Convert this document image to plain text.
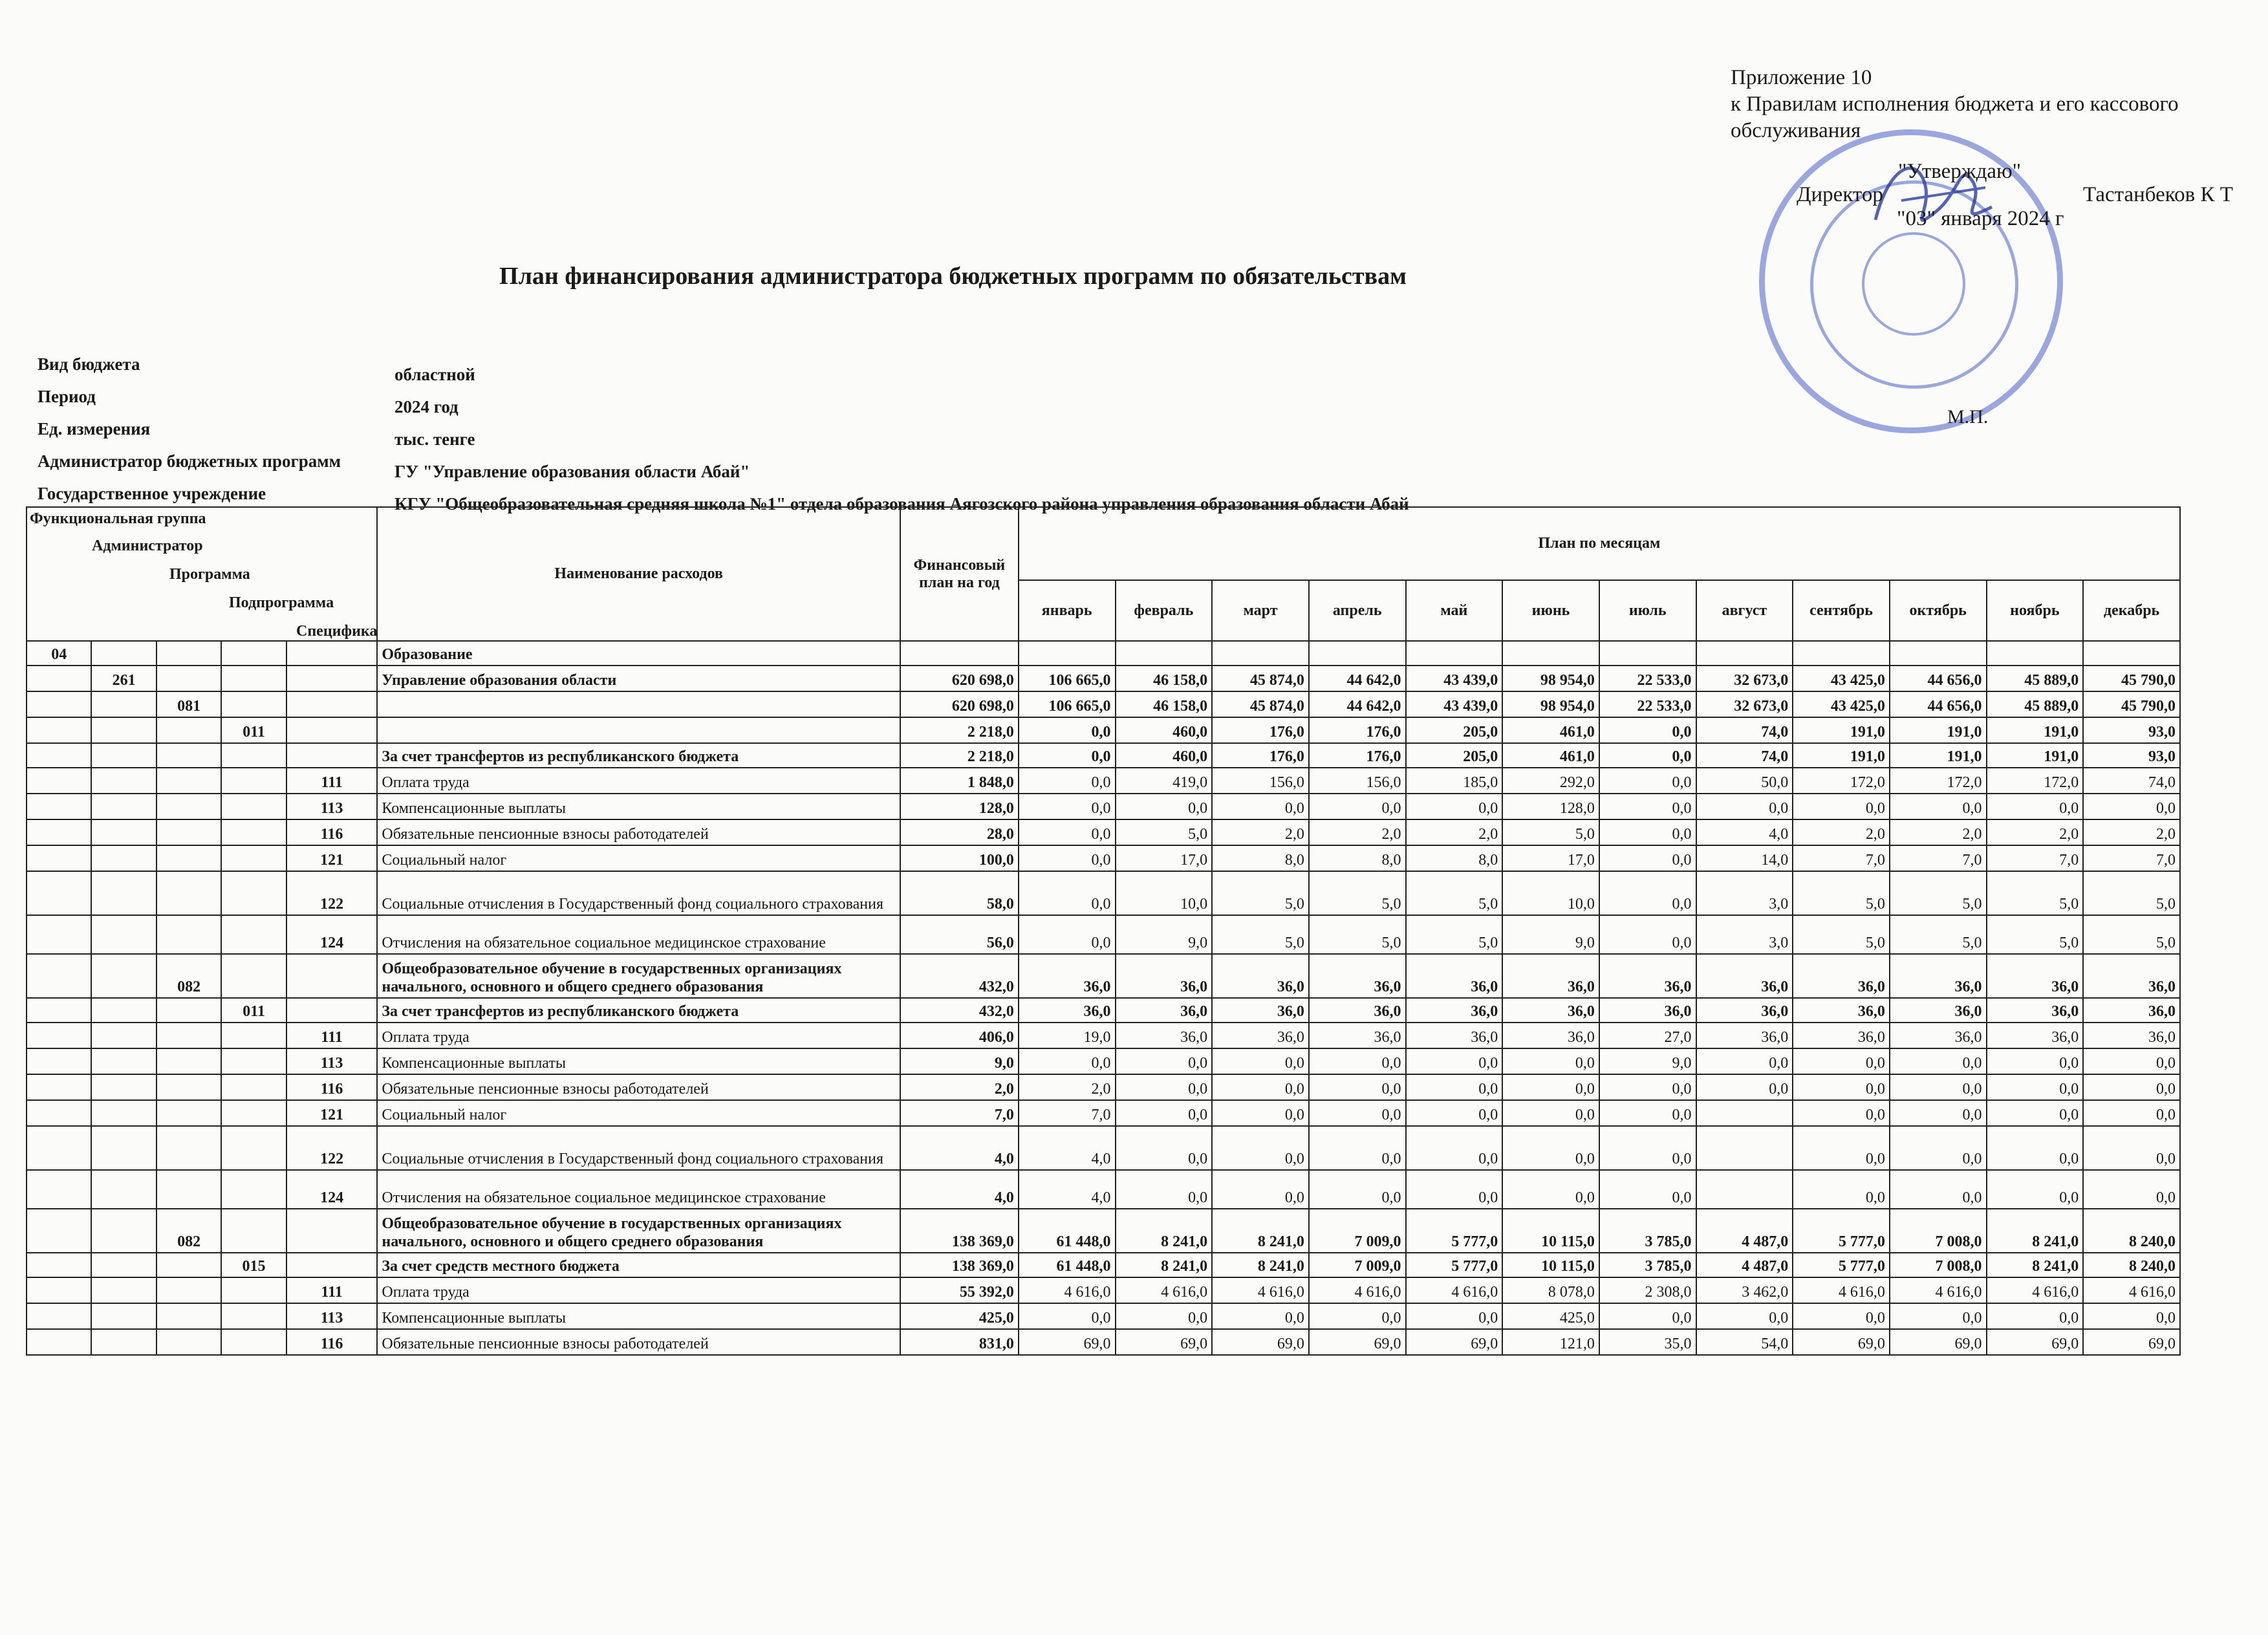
Приложение 10
к Правилам исполнения бюджета и его кассового
обслуживания
"Утверждаю"
Директор	Тастанбеков К Т
"03" января 2024 г
М.П.
План финансирования администратора бюджетных программ по обязательствам
Вид бюджета
областной
Период
2024 год
Ед. измерения
тыс. тенге
Администратор бюджетных программ
ГУ "Управление образования области Абай"
Государственное учреждение
КГУ "Общеобразовательная средняя школа №1" отдела образования Аягозского района управления образования области Абай
Функциональная группа
Администратор
Программа
Подпрограмма
Специфика					Наименование расходов	Финансовый план на год	План по месяцам											

							январь	февраль	март	апрель	май	июнь	июль	август	сентябрь	октябрь	ноябрь	декабрь
04					Образование													
	261				Управление образования области	620 698,0	106 665,0	46 158,0	45 874,0	44 642,0	43 439,0	98 954,0	22 533,0	32 673,0	43 425,0	44 656,0	45 889,0	45 790,0
		081				620 698,0	106 665,0	46 158,0	45 874,0	44 642,0	43 439,0	98 954,0	22 533,0	32 673,0	43 425,0	44 656,0	45 889,0	45 790,0
			011			2 218,0	0,0	460,0	176,0	176,0	205,0	461,0	0,0	74,0	191,0	191,0	191,0	93,0
					За счет трансфертов из республиканского бюджета	2 218,0	0,0	460,0	176,0	176,0	205,0	461,0	0,0	74,0	191,0	191,0	191,0	93,0
				111	Оплата труда	1 848,0	0,0	419,0	156,0	156,0	185,0	292,0	0,0	50,0	172,0	172,0	172,0	74,0
				113	Компенсационные выплаты	128,0	0,0	0,0	0,0	0,0	0,0	128,0	0,0	0,0	0,0	0,0	0,0	0,0
				116	Обязательные пенсионные взносы работодателей	28,0	0,0	5,0	2,0	2,0	2,0	5,0	0,0	4,0	2,0	2,0	2,0	2,0
				121	Социальный налог	100,0	0,0	17,0	8,0	8,0	8,0	17,0	0,0	14,0	7,0	7,0	7,0	7,0
				122	Социальные отчисления в Государственный фонд социального страхования	58,0	0,0	10,0	5,0	5,0	5,0	10,0	0,0	3,0	5,0	5,0	5,0	5,0
				124	Отчисления на обязательное социальное медицинское страхование	56,0	0,0	9,0	5,0	5,0	5,0	9,0	0,0	3,0	5,0	5,0	5,0	5,0
		082			Общеобразовательное обучение в государственных организациях начального, основного и общего среднего образования	432,0	36,0	36,0	36,0	36,0	36,0	36,0	36,0	36,0	36,0	36,0	36,0	36,0
			011		За счет трансфертов из республиканского бюджета	432,0	36,0	36,0	36,0	36,0	36,0	36,0	36,0	36,0	36,0	36,0	36,0	36,0
				111	Оплата труда	406,0	19,0	36,0	36,0	36,0	36,0	36,0	27,0	36,0	36,0	36,0	36,0	36,0
				113	Компенсационные выплаты	9,0	0,0	0,0	0,0	0,0	0,0	0,0	9,0	0,0	0,0	0,0	0,0	0,0
				116	Обязательные пенсионные взносы работодателей	2,0	2,0	0,0	0,0	0,0	0,0	0,0	0,0	0,0	0,0	0,0	0,0	0,0
				121	Социальный налог	7,0	7,0	0,0	0,0	0,0	0,0	0,0	0,0		0,0	0,0	0,0	0,0
				122	Социальные отчисления в Государственный фонд социального страхования	4,0	4,0	0,0	0,0	0,0	0,0	0,0	0,0		0,0	0,0	0,0	0,0
				124	Отчисления на обязательное социальное медицинское страхование	4,0	4,0	0,0	0,0	0,0	0,0	0,0	0,0		0,0	0,0	0,0	0,0
		082			Общеобразовательное обучение в государственных организациях начального, основного и общего среднего образования	138 369,0	61 448,0	8 241,0	8 241,0	7 009,0	5 777,0	10 115,0	3 785,0	4 487,0	5 777,0	7 008,0	8 241,0	8 240,0
			015		За счет средств местного бюджета	138 369,0	61 448,0	8 241,0	8 241,0	7 009,0	5 777,0	10 115,0	3 785,0	4 487,0	5 777,0	7 008,0	8 241,0	8 240,0
				111	Оплата труда	55 392,0	4 616,0	4 616,0	4 616,0	4 616,0	4 616,0	8 078,0	2 308,0	3 462,0	4 616,0	4 616,0	4 616,0	4 616,0
				113	Компенсационные выплаты	425,0	0,0	0,0	0,0	0,0	0,0	425,0	0,0	0,0	0,0	0,0	0,0	0,0
				116	Обязательные пенсионные взносы работодателей	831,0	69,0	69,0	69,0	69,0	69,0	121,0	35,0	54,0	69,0	69,0	69,0	69,0
